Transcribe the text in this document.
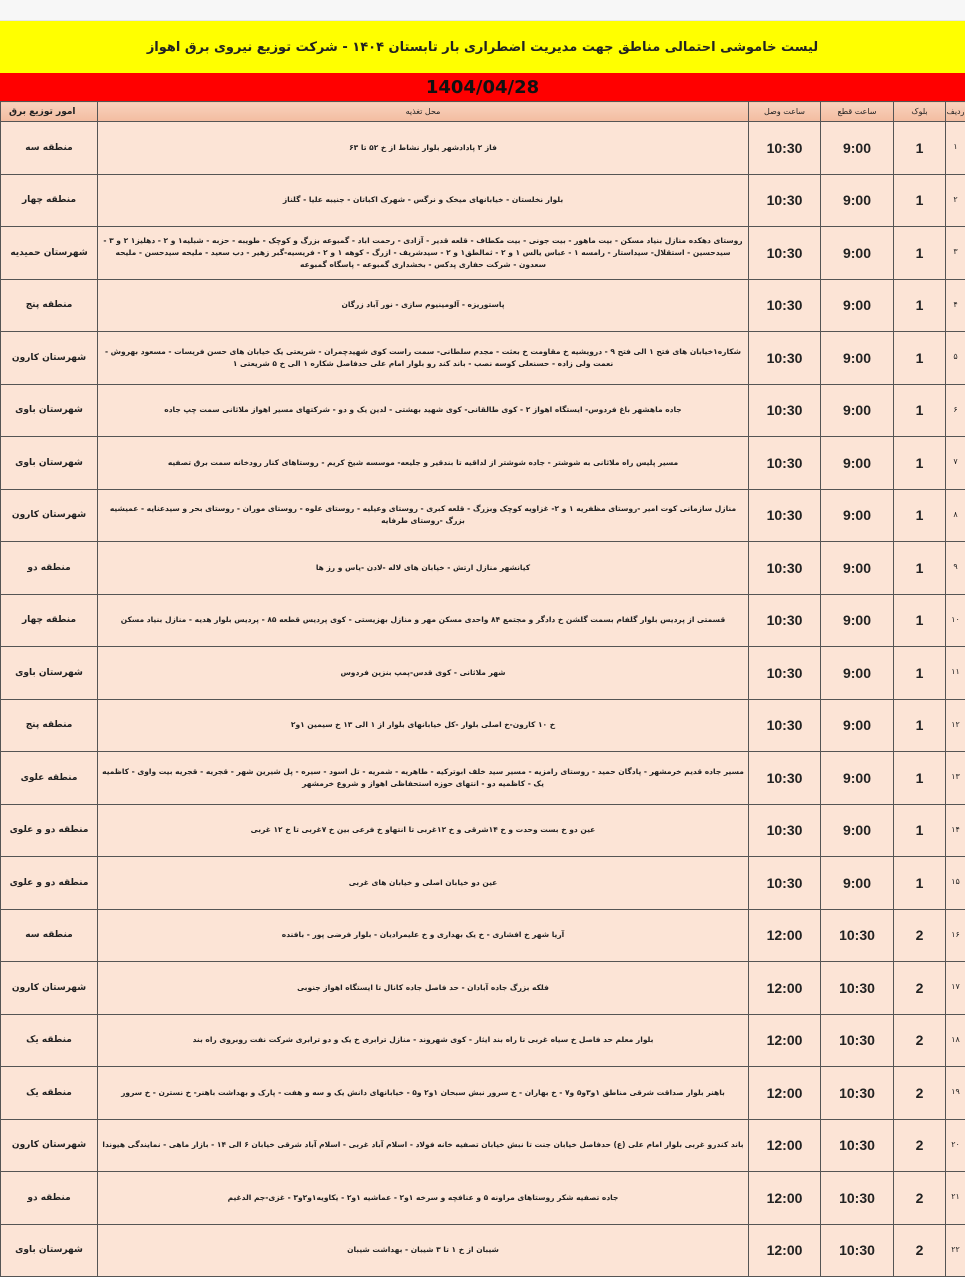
لیست خاموشی احتمالی مناطق جهت مدیریت اضطراری بار تابستان ۱۴۰۴ - شرکت توزیع نیروی برق اهواز
1404/04/28
ردیف	بلوک	ساعت قطع	ساعت وصل	محل تغذیه	امور توزیع برق
۱	1	9:00	10:30	فاز ۲ پادادشهر بلوار نشاط از خ ۵۲ تا ۶۳	منطقه سه
۲	1	9:00	10:30	بلوار نخلستان - خیابانهای میخک و نرگس - شهرک اکباتان - جنیبه علیا - گلناز	منطقه چهار
۳	1	9:00	10:30	روستای دهکده منازل بنیاد مسکن - بیت ماهور - بیت جونی - بیت مکطاف - قلعه قدیر - آزادی - رحمت اباد - گمبوعه بزرگ و کوچک - طویبه - حزبه - شبلیه۱ و ۲ - دهلیز۱ ۲ و ۳ - سیدحسین - استقلال- سیداستار - رامسه ۱ - عباس یالس ۱ و ۲ - ثمالطق۱ و ۲ - سیدشریف - ازرگ - کوهه ۱ و ۲ - فریسیه-گبر زهیر - دب سعید - ملیحه سیدحسن - ملیحه سعدون - شرکت حفاری پدکس - بخشداری گمبوعه - پاسگاه گمبوعه	شهرستان حمیدیه
۴	1	9:00	10:30	پاستوریزه - آلومینیوم سازی - نور آباد زرگان	منطقه پنج
۵	1	9:00	10:30	شکاره۱خیابان های فتح ۱ الی فتح ۹ - درویشیه خ مقاومت خ بعثت - مجدم سلطانی- سمت راست کوی شهیدچمران - شریعتی یک خیابان های حسن فریسات - مسعود بهروش - نعمت ولی زاده - حسنعلی کوسه نصب - باند کند رو بلوار امام علی حدفاصل شکاره ۱ الی خ ۵ شریعتی ۱	شهرستان کارون
۶	1	9:00	10:30	جاده ماهشهر باغ فردوس- ایستگاه اهواز ۲ - کوی طالقانی- کوی شهید بهشتی - لدین یک و دو - شرکتهای مسیر اهواز ملاثانی سمت چپ جاده	شهرستان باوی
۷	1	9:00	10:30	مسیر پلیس راه ملاثانی به شوشتر - جاده شوشتر از لداقیه تا بندقیر و جلیعه- موسسه شیخ کریم - روستاهای کنار رودخانه سمت برق تصفیه	شهرستان باوی
۸	1	9:00	10:30	منازل سازمانی کوت امیر -روستای مظفریه ۱ و ۲- غزاویه کوچک وبزرگ - قلعه کبری - روستای وعیلیه - روستای علوه - روستای موران - روستای بحر و سیدعنایه - عمیشیه بزرگ -روستای طرفایه	شهرستان کارون
۹	1	9:00	10:30	کیانشهر منازل ارتش - خیابان های لاله -لادن -یاس و رز ها	منطقه دو
۱۰	1	9:00	10:30	قسمتی از پردیس بلوار گلفام بسمت گلشن خ دادگر و مجتمع ۸۴ واحدی مسکن مهر و منازل بهزیستی - کوی پردیس قطعه ۸۵ - پردیس بلوار هدیه - منازل بنیاد مسکن	منطقه چهار
۱۱	1	9:00	10:30	شهر ملاثانی - کوی قدس-پمپ بنزین فردوس	شهرستان باوی
۱۲	1	9:00	10:30	خ ۱۰ کارون-خ اصلی بلوار -کل خیابانهای بلوار از ۱ الی ۱۳ خ سیمین ۱و۲	منطقه پنج
۱۳	1	9:00	10:30	مسیر جاده قدیم خرمشهر - پادگان حمید - روستای رامزیه - مسیر سید خلف ابوترکیه - طاهریه - شمریه - تل اسود - سیره - پل شیرین شهر - قجریه - قجریه بیت واوی - کاظمیه یک - کاظمیه دو - انتهای حوزه استحفاظی اهواز و شروع خرمشهر	منطقه علوی
۱۴	1	9:00	10:30	عین دو خ بست وحدت و خ ۱۴شرقی و خ ۱۲غربی تا انتهاو خ فرعی بین خ ۷غربی تا خ ۱۲ غربی	منطقه دو و علوی
۱۵	1	9:00	10:30	عین دو خیابان اصلی و خیابان های غربی	منطقه دو و علوی
۱۶	2	10:30	12:00	آریا شهر خ افشاری - خ یک بهداری و خ علیمرادیان - بلوار فرضی پور - بافنده	منطقه سه
۱۷	2	10:30	12:00	فلکه بزرگ جاده آبادان - حد فاصل جاده کانال تا ایستگاه اهواز جنوبی	شهرستان کارون
۱۸	2	10:30	12:00	بلوار معلم حد فاصل خ سیاه غربی تا راه بند ایثار - کوی شهروند - منازل ترابری خ یک و دو ترابری شرکت نفت روبروی راه بند	منطقه یک
۱۹	2	10:30	12:00	باهنر بلوار صداقت شرقی مناطق ۱و۳و۵ و۷ - خ بهاران - خ سرور نبش سبحان ۱و۲ و۵ - خیابانهای دانش یک و سه و هفت - پارک و بهداشت باهنر- خ نسترن - خ سرور	منطقه یک
۲۰	2	10:30	12:00	باند کندرو غربی بلوار امام علی (ع) حدفاصل خیابان جنت تا نبش خیابان تصفیه خانه فولاد - اسلام آباد غربی - اسلام آباد شرقی خیابان ۶ الی ۱۴ - بازار ماهی - نمایندگی هیوندا	شهرستان کارون
۲۱	2	10:30	12:00	جاده تصفیه شکر روستاهای مراونه ۵ و عنافچه و سرخه ۱و۲ - عماشیه ۱و۲ - یکاویه۱و۲و۳ - غزی-جم الدغیم	منطقه دو
۲۲	2	10:30	12:00	شیبان از خ ۱ تا ۳ شیبان - بهداشت شیبان	شهرستان باوی
